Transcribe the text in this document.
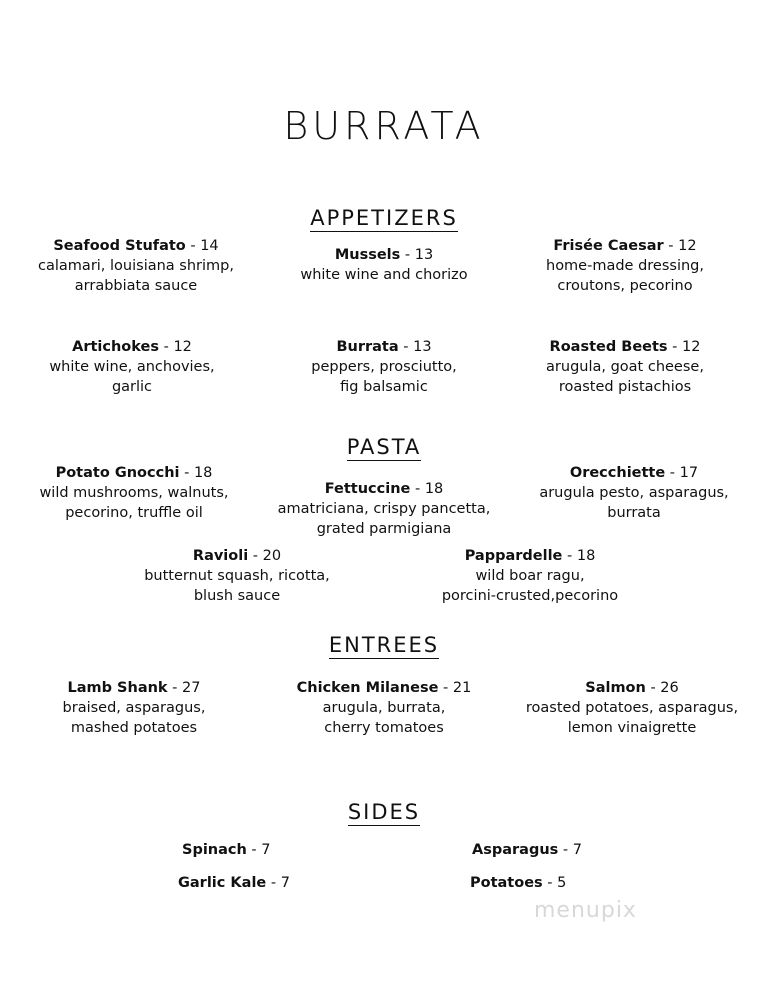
BURRATA
APPETIZERS
Seafood Stufato - 14
calamari, louisiana shrimp,
arrabbiata sauce
Mussels - 13
white wine and chorizo
Frisée Caesar - 12
home-made dressing,
croutons, pecorino
Artichokes - 12
white wine, anchovies,
garlic
Burrata - 13
peppers, prosciutto,
fig balsamic
Roasted Beets - 12
arugula, goat cheese,
roasted pistachios
PASTA
Potato Gnocchi - 18
wild mushrooms, walnuts,
pecorino, truffle oil
Fettuccine - 18
amatriciana, crispy pancetta,
grated parmigiana
Orecchiette - 17
arugula pesto, asparagus,
burrata
Ravioli - 20
butternut squash, ricotta,
blush sauce
Pappardelle - 18
wild boar ragu,
porcini-crusted,pecorino
ENTREES
Lamb Shank - 27
braised, asparagus,
mashed potatoes
Chicken Milanese - 21
arugula, burrata,
cherry tomatoes
Salmon - 26
roasted potatoes, asparagus,
lemon vinaigrette
SIDES
Spinach - 7	Asparagus - 7
Garlic Kale - 7	Potatoes - 5
menupix
